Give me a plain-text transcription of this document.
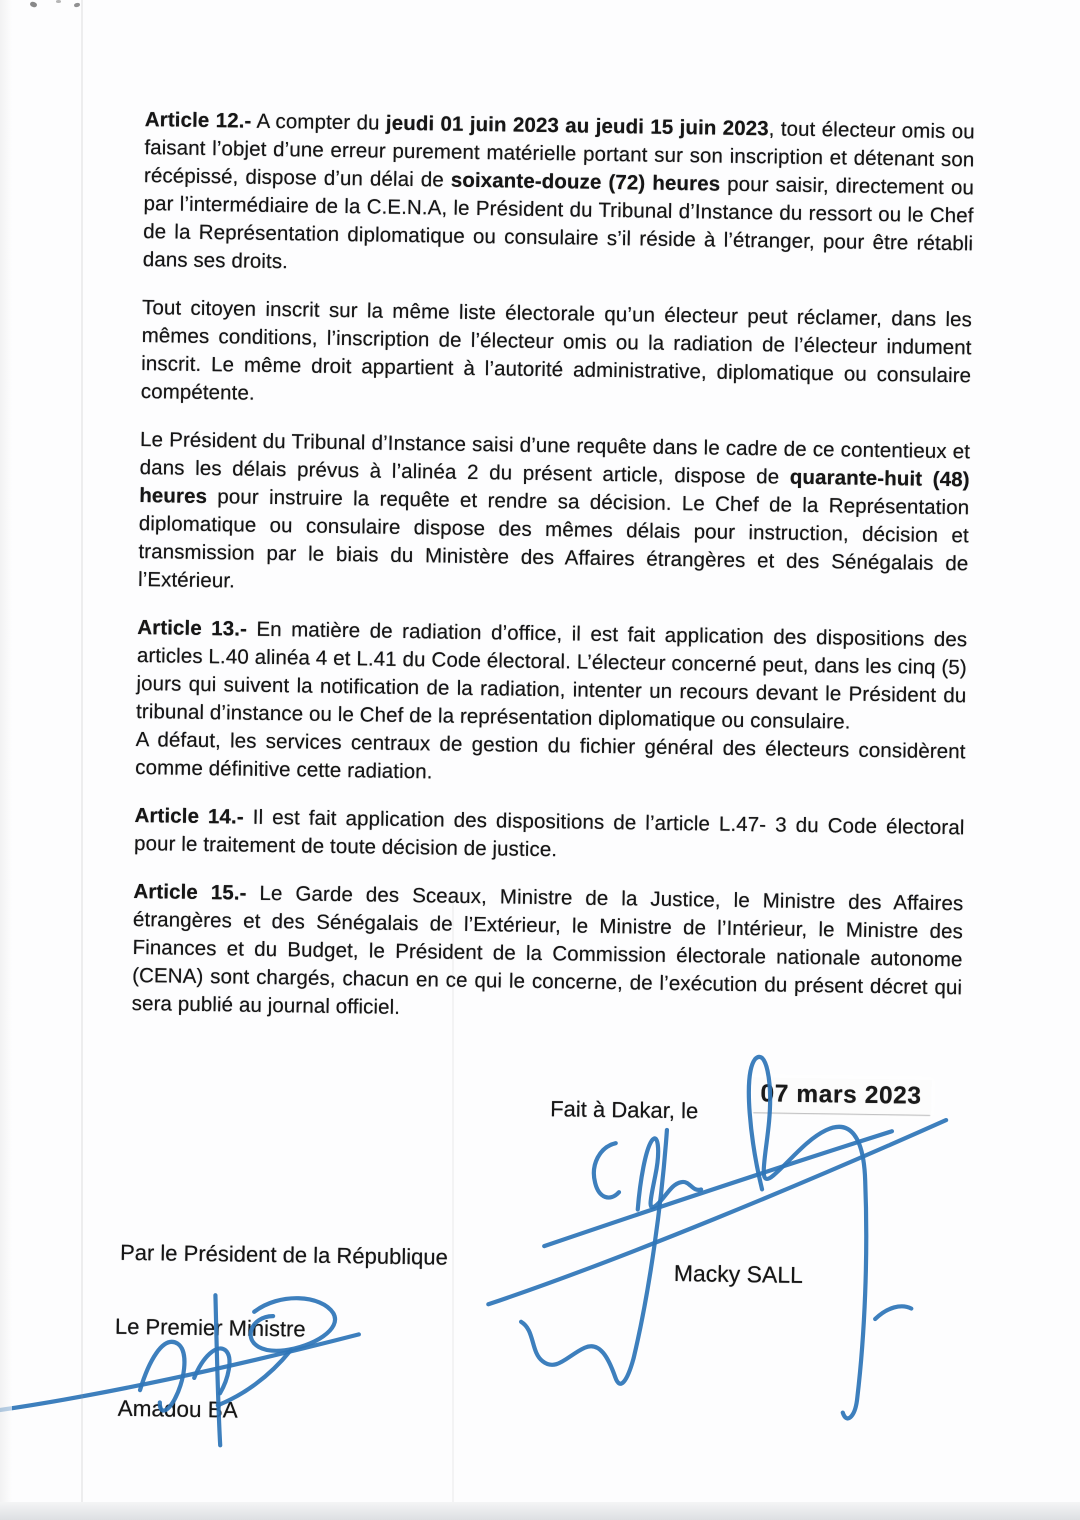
Article 12.- A compter du jeudi 01 juin 2023 au jeudi 15 juin 2023, tout électeur omis ou faisant l’objet d’une erreur purement matérielle portant sur son inscription et détenant son récépissé, dispose d’un délai de soixante-douze (72) heures pour saisir, directement ou par l’intermédiaire de la C.E.N.A, le Président du Tribunal d’Instance du ressort ou le Chef de la Représentation diplomatique ou consulaire s’il réside à l’étranger, pour être rétabli dans ses droits.

Tout citoyen inscrit sur la même liste électorale qu’un électeur peut réclamer, dans les mêmes conditions, l’inscription de l’électeur omis ou la radiation de l’électeur indument inscrit. Le même droit appartient à l’autorité administrative, diplomatique ou consulaire compétente.

Le Président du Tribunal d’Instance saisi d’une requête dans le cadre de ce contentieux et dans les délais prévus à l’alinéa 2 du présent article, dispose de quarante-huit (48) heures pour instruire la requête et rendre sa décision. Le Chef de la Représentation diplomatique ou consulaire dispose des mêmes délais pour instruction, décision et transmission par le biais du Ministère des Affaires étrangères et des Sénégalais de l’Extérieur.

Article 13.- En matière de radiation d’office, il est fait application des dispositions des articles L.40 alinéa 4 et L.41 du Code électoral. L’électeur concerné peut, dans les cinq (5) jours qui suivent la notification de la radiation, intenter un recours devant le Président du tribunal d’instance ou le Chef de la représentation diplomatique ou consulaire.

A défaut, les services centraux de gestion du fichier général des électeurs considèrent comme définitive cette radiation.

Article 14.- Il est fait application des dispositions de l’article L.47- 3 du Code électoral pour le traitement de toute décision de justice.

Article 15.- Le Garde des Sceaux, Ministre de la Justice, le Ministre des Affaires étrangères et des Sénégalais de l’Extérieur, le Ministre de l’Intérieur, le Ministre des Finances et du Budget, le Président de la Commission électorale nationale autonome (CENA) sont chargés, chacun en ce qui le concerne, de l’exécution du présent décret qui sera publié au journal officiel.

Fait à Dakar, le
07 mars 2023
Macky SALL
Par le Président de la République
Le Premier Ministre
Amadou BA
